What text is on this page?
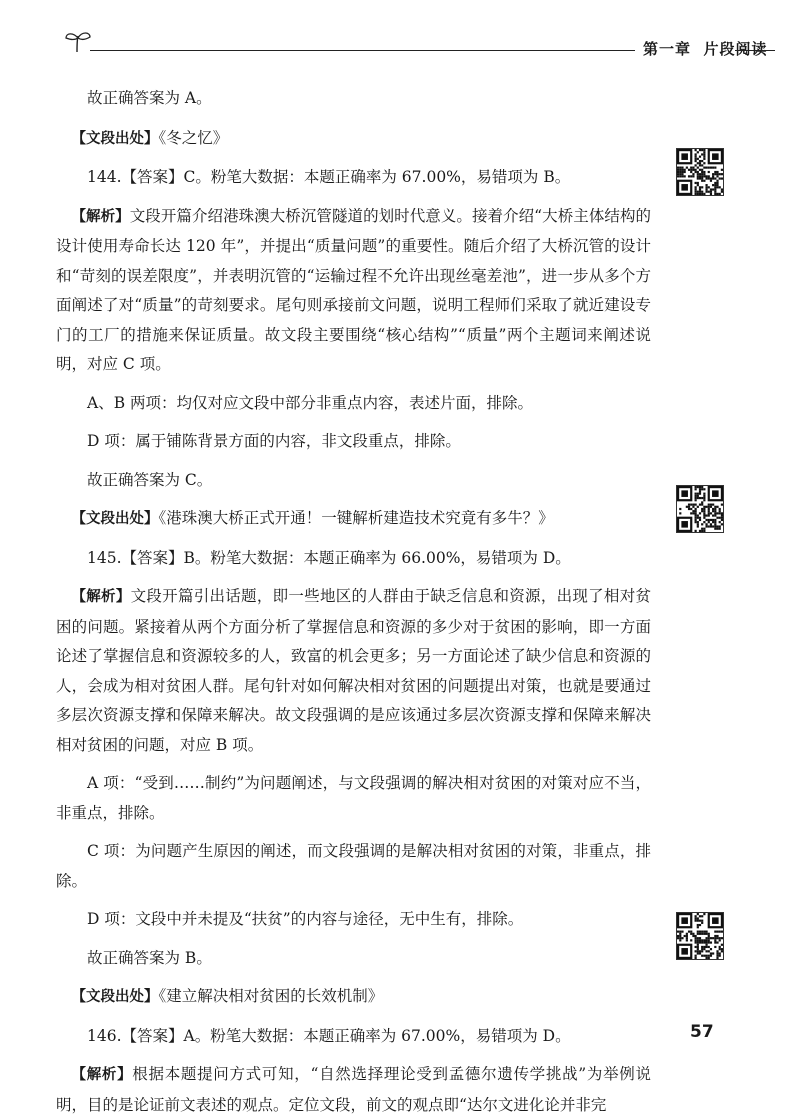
第一章 片段阅读

故正确答案为 A。

【文段出处】《冬之忆》

144.【答案】C。粉笔大数据：本题正确率为 67.00%，易错项为 B。

【解析】文段开篇介绍港珠澳大桥沉管隧道的划时代意义。接着介绍“大桥主体结构的设计使用寿命长达 120 年”，并提出“质量问题”的重要性。随后介绍了大桥沉管的设计和“苛刻的误差限度”，并表明沉管的“运输过程不允许出现丝毫差池”，进一步从多个方面阐述了对“质量”的苛刻要求。尾句则承接前文问题，说明工程师们采取了就近建设专门的工厂的措施来保证质量。故文段主要围绕“核心结构”“质量”两个主题词来阐述说明，对应 C 项。

A、B 两项：均仅对应文段中部分非重点内容，表述片面，排除。

D 项：属于铺陈背景方面的内容，非文段重点，排除。

故正确答案为 C。

【文段出处】《港珠澳大桥正式开通！一键解析建造技术究竟有多牛？》

145.【答案】B。粉笔大数据：本题正确率为 66.00%，易错项为 D。

【解析】文段开篇引出话题，即一些地区的人群由于缺乏信息和资源，出现了相对贫困的问题。紧接着从两个方面分析了掌握信息和资源的多少对于贫困的影响，即一方面论述了掌握信息和资源较多的人，致富的机会更多；另一方面论述了缺少信息和资源的人，会成为相对贫困人群。尾句针对如何解决相对贫困的问题提出对策，也就是要通过多层次资源支撑和保障来解决。故文段强调的是应该通过多层次资源支撑和保障来解决相对贫困的问题，对应 B 项。

A 项：“受到……制约”为问题阐述，与文段强调的解决相对贫困的对策对应不当，非重点，排除。

C 项：为问题产生原因的阐述，而文段强调的是解决相对贫困的对策，非重点，排除。

D 项：文段中并未提及“扶贫”的内容与途径，无中生有，排除。

故正确答案为 B。

【文段出处】《建立解决相对贫困的长效机制》

146.【答案】A。粉笔大数据：本题正确率为 67.00%，易错项为 D。

【解析】根据本题提问方式可知，“自然选择理论受到孟德尔遗传学挑战”为举例说明，目的是论证前文表述的观点。定位文段，前文的观点即“达尔文进化论并非完

57
